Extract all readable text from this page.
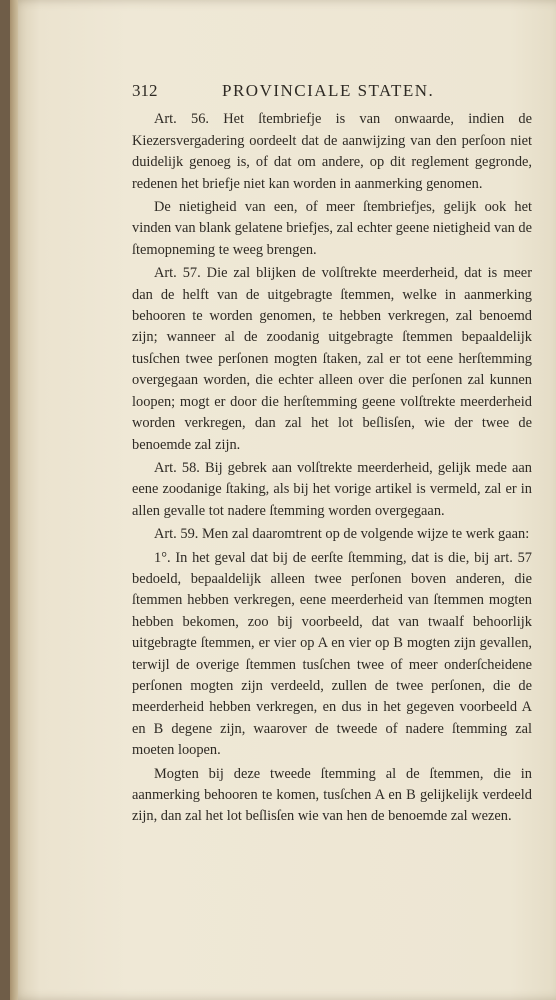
312	PROVINCIALE STATEN.

Art. 56. Het ſtembriefje is van onwaarde, indien de Kiezersvergadering oordeelt dat de aanwijzing van den perſoon niet duidelijk genoeg is, of dat om andere, op dit reglement gegronde, redenen het briefje niet kan worden in aanmerking genomen.

De nietigheid van een, of meer ſtembriefjes, gelijk ook het vinden van blank gelatene briefjes, zal echter geene nietigheid van de ſtemopneming te weeg brengen.

Art. 57. Die zal blijken de volſtrekte meerderheid, dat is meer dan de helft van de uitgebragte ſtemmen, welke in aanmerking behooren te worden genomen, te hebben verkregen, zal benoemd zijn; wanneer al de zoodanig uitgebragte ſtemmen bepaaldelijk tusſchen twee perſonen mogten ſtaken, zal er tot eene herſtemming overgegaan worden, die echter alleen over die perſonen zal kunnen loopen; mogt er door die herſtemming geene volſtrekte meerderheid worden verkregen, dan zal het lot beſlisſen, wie der twee de benoemde zal zijn.

Art. 58. Bij gebrek aan volſtrekte meerderheid, gelijk mede aan eene zoodanige ſtaking, als bij het vorige artikel is vermeld, zal er in allen gevalle tot nadere ſtemming worden overgegaan.

Art. 59. Men zal daaromtrent op de volgende wijze te werk gaan:

1°. In het geval dat bij de eerſte ſtemming, dat is die, bij art. 57 bedoeld, bepaaldelijk alleen twee perſonen boven anderen, die ſtemmen hebben verkregen, eene meerderheid van ſtemmen mogten hebben bekomen, zoo bij voorbeeld, dat van twaalf behoorlijk uitgebragte ſtemmen, er vier op A en vier op B mogten zijn gevallen, terwijl de overige ſtemmen tusſchen twee of meer onderſcheidene perſonen mogten zijn verdeeld, zullen de twee perſonen, die de meerderheid hebben verkregen, en dus in het gegeven voorbeeld A en B degene zijn, waarover de tweede of nadere ſtemming zal moeten loopen.

Mogten bij deze tweede ſtemming al de ſtemmen, die in aanmerking behooren te komen, tusſchen A en B gelijkelijk verdeeld zijn, dan zal het lot beſlisſen wie van hen de benoemde zal wezen.
